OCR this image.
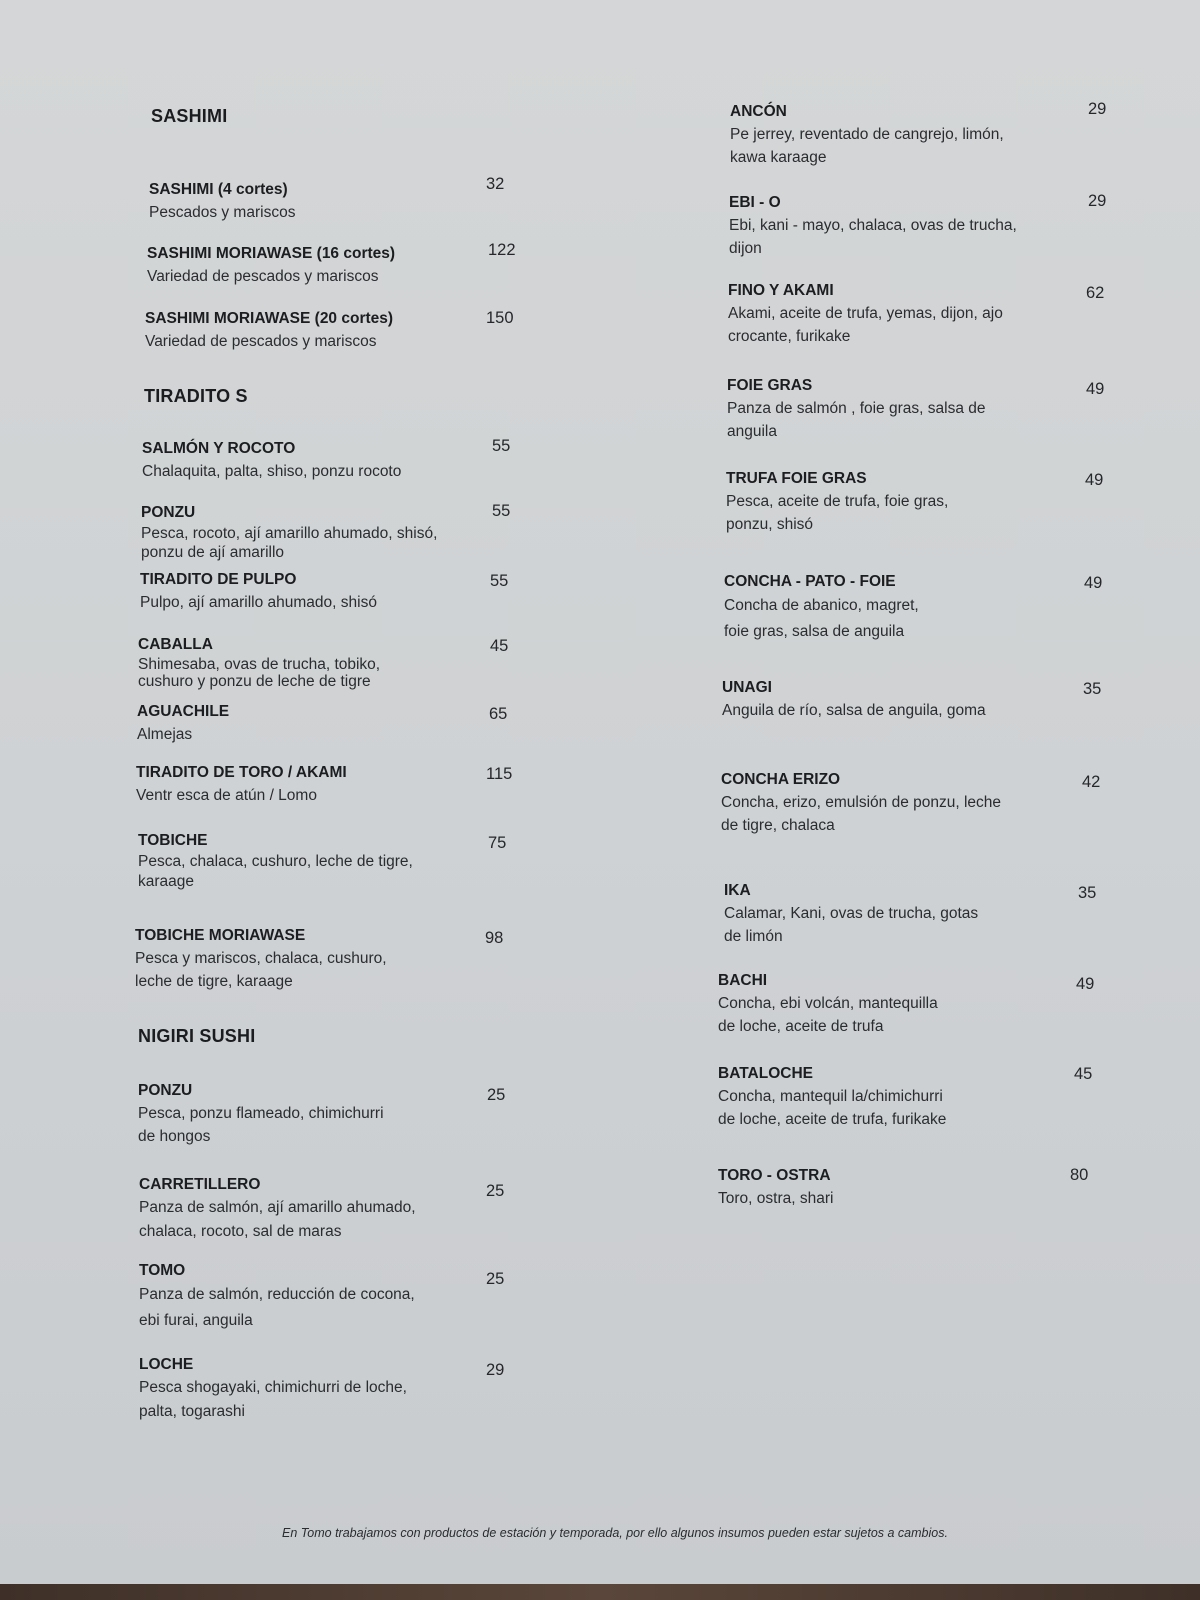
SASHIMI
SASHIMI (4 cortes)
Pescados y mariscos
32
SASHIMI MORIAWASE (16 cortes)
Variedad de pescados y mariscos
122
SASHIMI MORIAWASE (20 cortes)
Variedad de pescados y mariscos
150
TIRADITO S
SALMÓN Y ROCOTO
Chalaquita, palta, shiso, ponzu rocoto
55
PONZU
Pesca, rocoto, ají amarillo ahumado, shisó,
ponzu de ají amarillo
55
TIRADITO DE PULPO
Pulpo, ají amarillo ahumado, shisó
55
CABALLA
Shimesaba, ovas de trucha, tobiko,
cushuro y ponzu de leche de tigre
45
AGUACHILE
Almejas
65
TIRADITO DE TORO / AKAMI
Ventr esca de atún / Lomo
115
TOBICHE
Pesca, chalaca, cushuro, leche de tigre,
karaage
75
TOBICHE MORIAWASE
Pesca y mariscos, chalaca, cushuro,
leche de tigre, karaage
98
NIGIRI SUSHI
PONZU
Pesca, ponzu flameado, chimichurri
de hongos
25
CARRETILLERO
Panza de salmón, ají amarillo ahumado,
chalaca, rocoto, sal de maras
25
TOMO
Panza de salmón, reducción de cocona,
ebi furai, anguila
25
LOCHE
Pesca shogayaki, chimichurri de loche,
palta, togarashi
29
ANCÓN
Pe jerrey, reventado de cangrejo, limón,
kawa karaage
29
EBI - O
Ebi, kani - mayo, chalaca, ovas de trucha,
dijon
29
FINO Y AKAMI
Akami, aceite de trufa, yemas, dijon, ajo
crocante, furikake
62
FOIE GRAS
Panza de salmón , foie gras, salsa de
anguila
49
TRUFA FOIE GRAS
Pesca, aceite de trufa, foie gras,
ponzu, shisó
49
CONCHA - PATO - FOIE
Concha de abanico, magret,
foie gras, salsa de anguila
49
UNAGI
Anguila de río, salsa de anguila, goma
35
CONCHA ERIZO
Concha, erizo, emulsión de ponzu, leche
de tigre, chalaca
42
IKA
Calamar, Kani, ovas de trucha, gotas
de limón
35
BACHI
Concha, ebi volcán, mantequilla
de loche, aceite de trufa
49
BATALOCHE
Concha, mantequil la/chimichurri
de loche, aceite de trufa, furikake
45
TORO - OSTRA
Toro, ostra, shari
80
En Tomo trabajamos con productos de estación y temporada, por ello algunos insumos pueden estar sujetos a cambios.
